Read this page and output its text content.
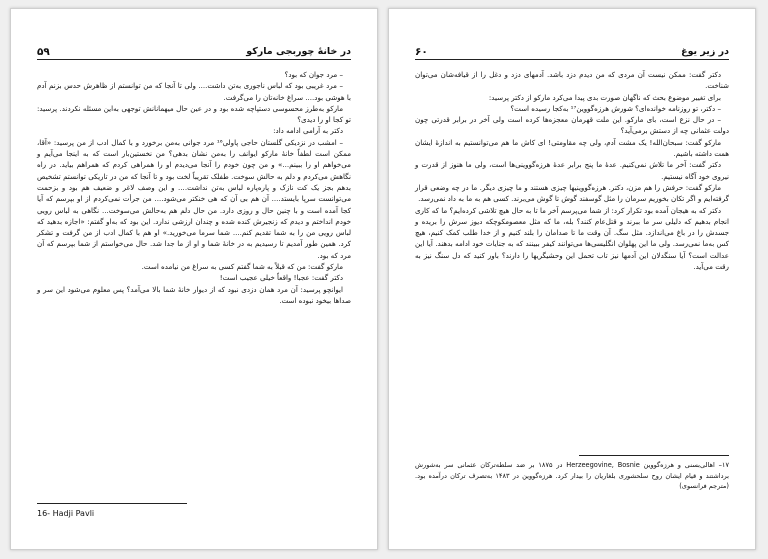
در خانهٔ چوربجی مارکو
۵۹

– مرد جوان که بود؟

– مرد غریبی بود که لباس ناجوری به‌تن داشت.... ولی تا آنجا که من توانستم از ظاهرش حدس بزنم آدم با هوشی بود.... سراغ خانه‌تان را می‌گرفت.

مارکو به‌طرز محسوسی دستپاچه شده بود و در عین حال میهمانانش توجهی به‌این مسئله نکردند. پرسید: تو کجا او را دیدی؟

دکتر به آرامی ادامه داد:

– امشب در نزدیکی گلستان حاجی پاولی¹⁶ مرد جوانی به‌من برخورد و با کمال ادب از من پرسید: «آقا، ممکن است لطفاً خانهٔ مارکو ایوانف را به‌من نشان بدهی؟ من نخستین‌بار است که به اینجا می‌آیم و می‌خواهم او را ببینم...» و من چون خودم را آنجا می‌دیدم او را همراهی کردم که همراهم بیاید. در راه نگاهش می‌کردم و دلم به حالش سوخت. طفلک تقریباً لخت بود و تا آنجا که من در تاریکی توانستم تشخیص بدهم بجز یک کت نازک و پاره‌پاره لباس به‌تن نداشت.... و این وصف لاغر و ضعیف هم بود و بزحمت می‌توانست سرپا بایستد.... آن هم بی آن که هی خنکتر می‌شود.... من جرأت نمی‌کردم از او بپرسم که آیا کجا آمده است و با چنین حال و روزی دارد. من حال دلم هم به‌حالش می‌سوخت... نگاهی به لباس رویی خودم انداختم و دیدم که زنجیرش کنده شده و چندان ارزشی ندارد. این بود که به‌او گفتم: «اجازه بدهید که لباس رویی من را به شما تقدیم کنم.... شما سرما می‌خورید.» او هم با کمال ادب از من گرفت و تشکر کرد. همین طور آمدیم تا رسیدیم به در خانهٔ شما و او از ما جدا شد. حال می‌خواستم از شما بپرسم که آن مرد که بود.

مارکو گفت: من که قبلاً به شما گفتم کسی به سراغ من نیامده است.

دکتر گفت: عجبا! واقعاً خیلی عجیب است!

ایوانچو پرسید: آن مرد همان دزدی نبود که از دیوار خانهٔ شما بالا می‌آمد؟ پس معلوم می‌شود این سر و صداها بیخود نبوده است.

16- Hadji Pavli
در زیر یوغ
۶۰

دکتر گفت: ممکن نیست آن مردی که من دیدم دزد باشد. آدمهای دزد و دغل را از قیافه‌شان می‌توان شناخت.

برای تغییر موضوع بحث که ناگهان صورت بدی پیدا می‌کرد مارکو از دکتر پرسید:

– دکتر، تو روزنامه خوانده‌ای؟ شورش هرزه‌گووین¹⁷ به‌کجا رسیده است؟

– در حال نزع است، بای مارکو. این ملت قهرمان معجزه‌ها کرده است ولی آخر در برابر قدرتی چون دولت عثمانی چه از دستش برمی‌آید؟

مارکو گفت: سبحان‌الله! یک مشت آدم، ولی چه مقاومتی! ای کاش ما هم می‌توانستیم به اندازهٔ ایشان همت داشته باشیم.

دکتر گفت: آخر ما تلاش نمی‌کنیم. عدهٔ ما پنج برابر عدهٔ هرزه‌گووینی‌ها است، ولی ما هنوز از قدرت و نیروی خود آگاه نیستیم.

مارکو گفت: حرفش را هم مزن، دکتر. هرزه‌گووینیها چیزی هستند و ما چیزی دیگر. ما در چه وضعی قرار گرفته‌ایم و اگر تکان بخوریم سرمان را مثل گوسفند گوش تا گوش می‌برند. کسی هم به ما به داد نمی‌رسد.

دکتر که به هیجان آمده بود تکرار کرد: از شما می‌پرسم آخر ما تا به حال هیچ تلاشی کرده‌ایم؟ ما که کاری انجام بدهیم که دلیلی سر ما ببرند و قتل‌عام کنند؟ بله، ما که مثل معصومکوچکه دیوز سرش را بریده و جسدش را در باغ می‌اندازد. مثل سگ. آن وقت ما تا صدامان را بلند کنیم و از خدا طلب کمک کنیم، هیچ کس به‌ما نمی‌رسد. ولی ما این پهلوان انگلیسی‌ها می‌توانند کیفر ببینند که به جنایات خود ادامه بدهند. آیا این عدالت است؟ آیا سنگدلان این آدمها نیز تاب تحمل این وحشیگریها را دارند؟ باور کنید که دل سنگ نیز به رقت می‌آید.

۱۷– اهالی‌بسنی و هرزه‌گووین Herzeegovine, Bosnie در ۱۸۷۵ بر ضد سلطه‌ترکان عثمانی سر به‌شورش برداشتند و قیام ایشان روح سلحشوری بلغاریان را بیدار کرد. هرزه‌گووین در ۱۴۸۳ به‌تصرف ترکان درآمده بود. (مترجم فرانسوی)
